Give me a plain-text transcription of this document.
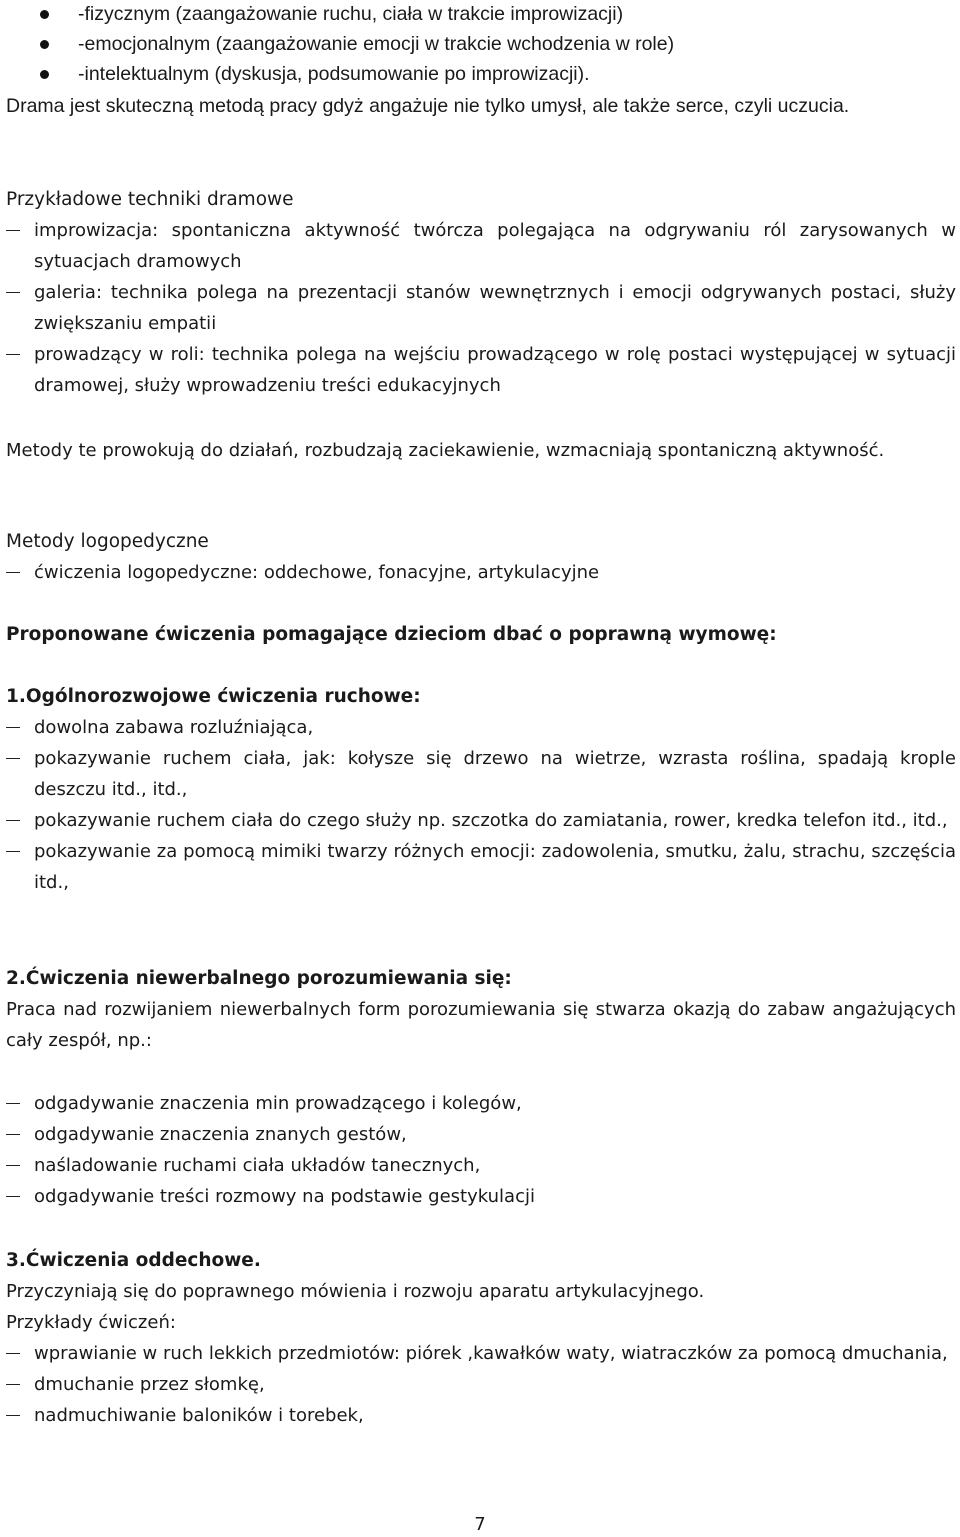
-fizycznym (zaangażowanie ruchu, ciała w trakcie improwizacji)
-emocjonalnym (zaangażowanie emocji w trakcie wchodzenia w role)
-intelektualnym (dyskusja, podsumowanie po improwizacji).
Drama jest skuteczną metodą pracy gdyż angażuje nie tylko umysł, ale także serce, czyli uczucia.
Przykładowe techniki dramowe
improwizacja: spontaniczna aktywność twórcza polegająca na odgrywaniu ról zarysowanych w sytuacjach dramowych
galeria: technika polega na prezentacji stanów wewnętrznych i emocji odgrywanych postaci, służy zwiększaniu empatii
prowadzący w roli: technika polega na wejściu prowadzącego w rolę postaci występującej w sytuacji dramowej, służy wprowadzeniu treści edukacyjnych
Metody te prowokują do działań, rozbudzają zaciekawienie, wzmacniają spontaniczną aktywność.
Metody logopedyczne
ćwiczenia logopedyczne: oddechowe, fonacyjne, artykulacyjne
Proponowane ćwiczenia pomagające dzieciom dbać o poprawną wymowę:
1.Ogólnorozwojowe ćwiczenia ruchowe:
dowolna zabawa rozluźniająca,
pokazywanie ruchem ciała, jak: kołysze się drzewo na wietrze, wzrasta roślina, spadają krople deszczu itd., itd.,
pokazywanie ruchem ciała do czego służy np. szczotka do zamiatania, rower, kredka telefon itd., itd.,
pokazywanie za pomocą mimiki twarzy różnych emocji: zadowolenia, smutku, żalu, strachu, szczęścia itd.,
2.Ćwiczenia niewerbalnego porozumiewania się:
Praca nad rozwijaniem niewerbalnych form porozumiewania się stwarza okazją do zabaw angażujących cały zespół, np.:
odgadywanie znaczenia min prowadzącego i kolegów,
odgadywanie znaczenia znanych gestów,
naśladowanie ruchami ciała układów tanecznych,
odgadywanie treści rozmowy na podstawie gestykulacji
3.Ćwiczenia oddechowe.
Przyczyniają się do poprawnego mówienia i rozwoju aparatu artykulacyjnego.
Przykłady ćwiczeń:
wprawianie w ruch lekkich przedmiotów: piórek ,kawałków waty, wiatraczków za pomocą dmuchania,
dmuchanie przez słomkę,
nadmuchiwanie baloników i torebek,
7
